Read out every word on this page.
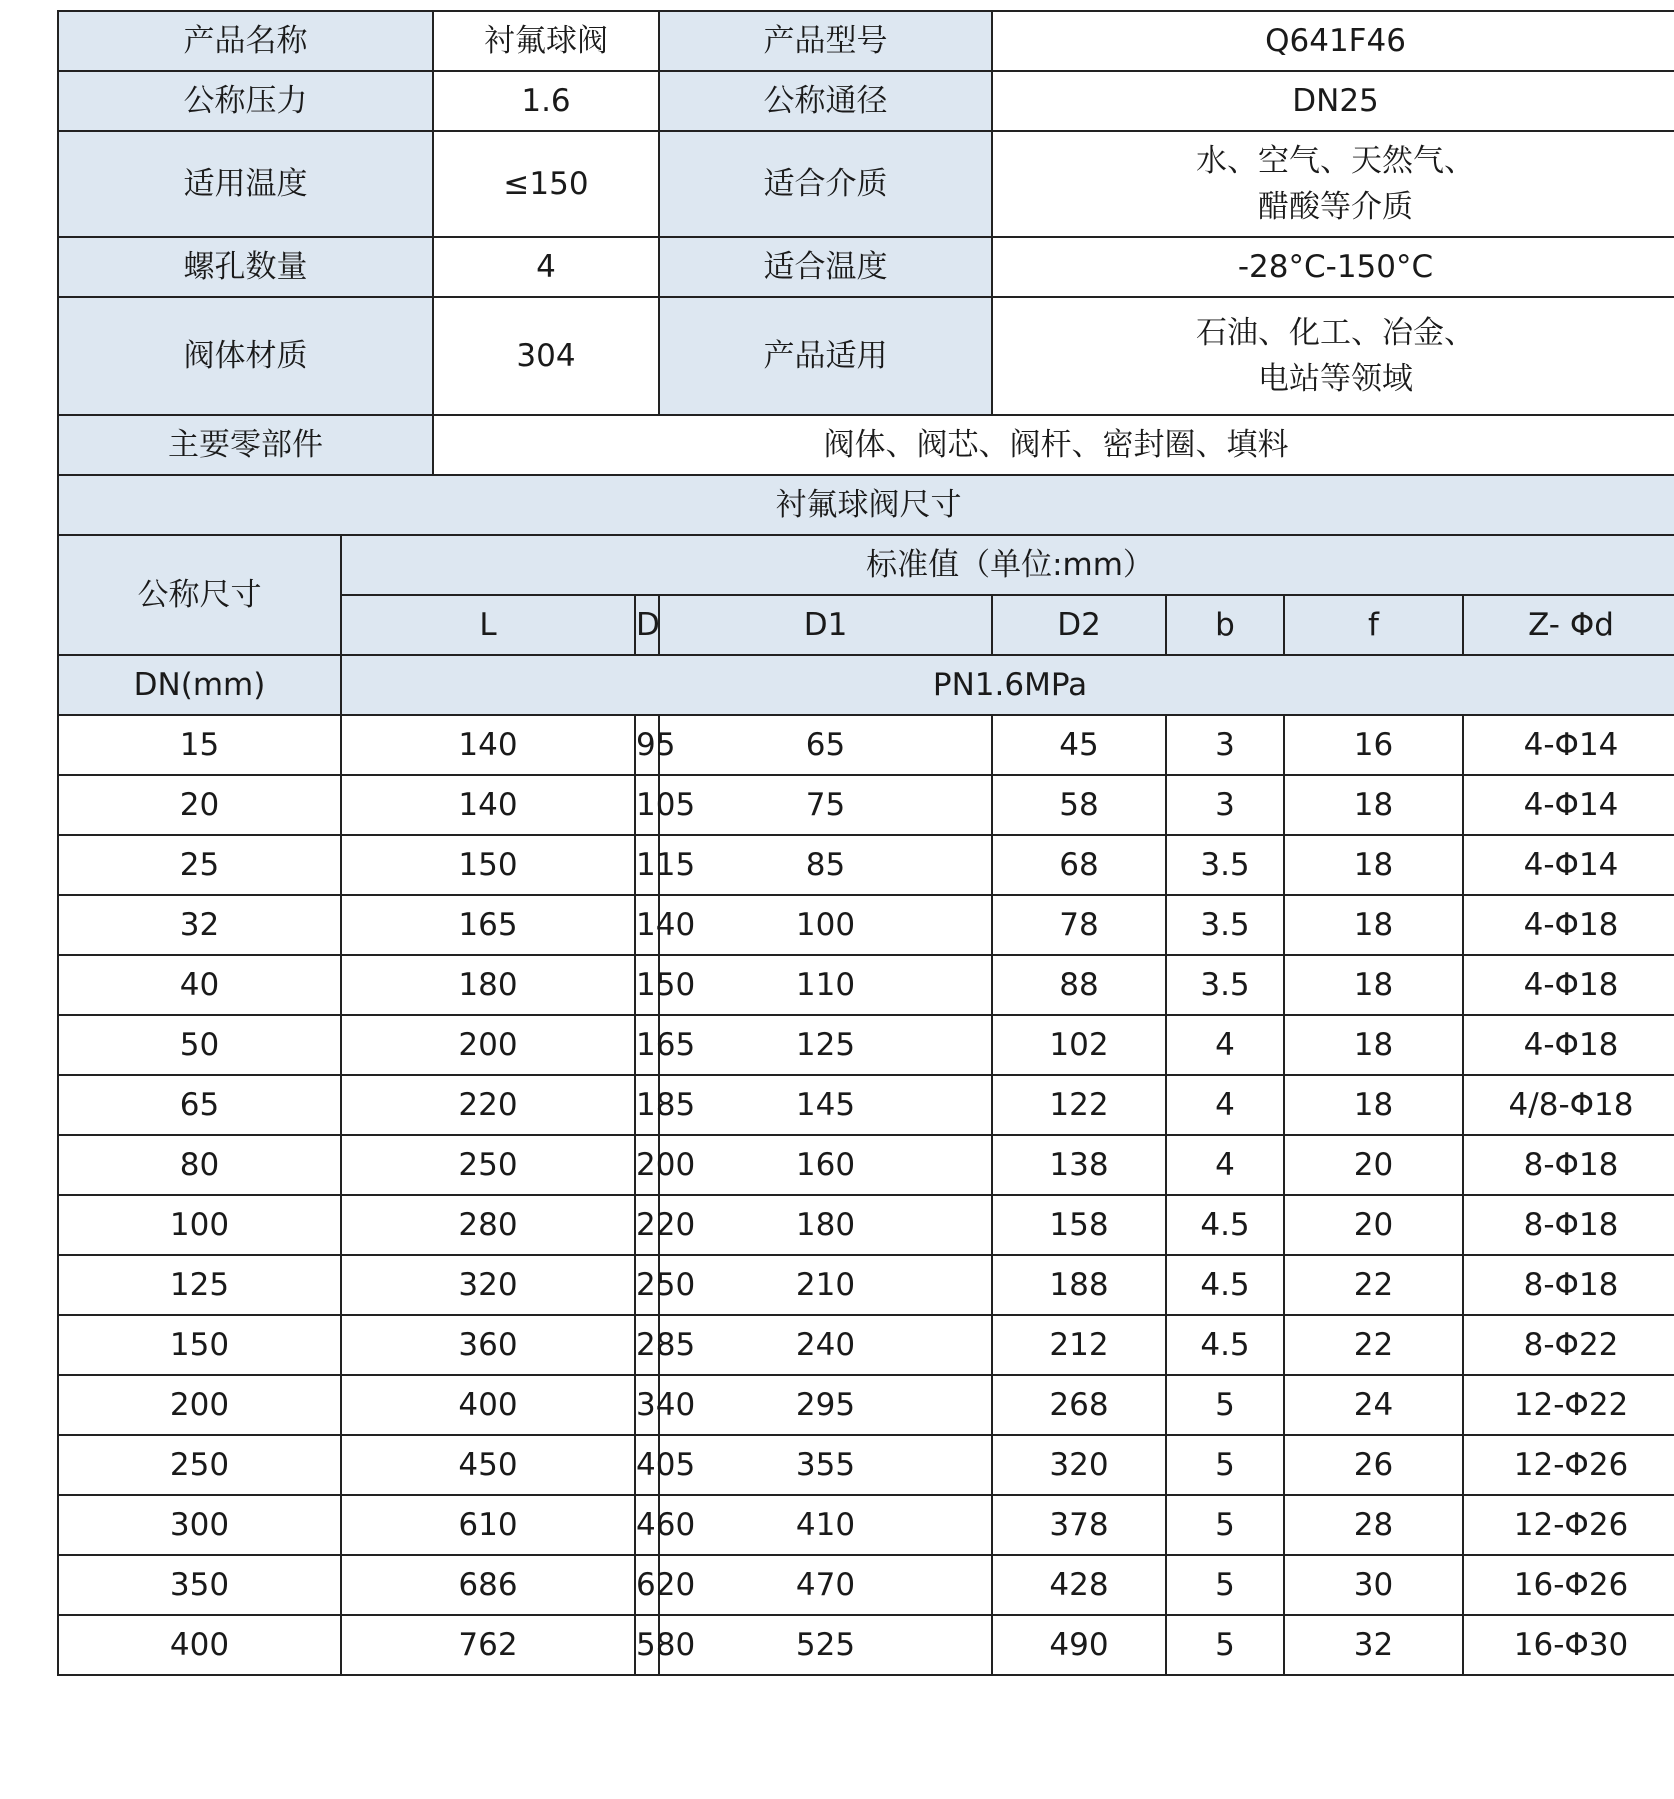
产品名称		衬氟球阀		产品型号	Q641F46			
公称压力		1.6		公称通径	DN25			
适用温度		≤150		适合介质	水、空气、天然气、
醋酸等介质			

螺孔数量		4		适合温度	-28°C-150°C			
阀体材质		304		产品适用	石油、化工、冶金、
电站等领域			

主要零部件		阀体、阀芯、阀杆、密封圈、填料						
衬氟球阀尺寸								
公称尺寸	标准值（单位:mm）							
	L		D	D1	D2	b	f	Z- Φd
DN(mm)	PN1.6MPa							
15	140		95	65	45	3	16	4-Φ14
20	140		105	75	58	3	18	4-Φ14
25	150		115	85	68	3.5	18	4-Φ14
32	165		140	100	78	3.5	18	4-Φ18
40	180		150	110	88	3.5	18	4-Φ18
50	200		165	125	102	4	18	4-Φ18
65	220		185	145	122	4	18	4/8-Φ18
80	250		200	160	138	4	20	8-Φ18
100	280		220	180	158	4.5	20	8-Φ18
125	320		250	210	188	4.5	22	8-Φ18
150	360		285	240	212	4.5	22	8-Φ22
200	400		340	295	268	5	24	12-Φ22
250	450		405	355	320	5	26	12-Φ26
300	610		460	410	378	5	28	12-Φ26
350	686		620	470	428	5	30	16-Φ26
400	762		580	525	490	5	32	16-Φ30
